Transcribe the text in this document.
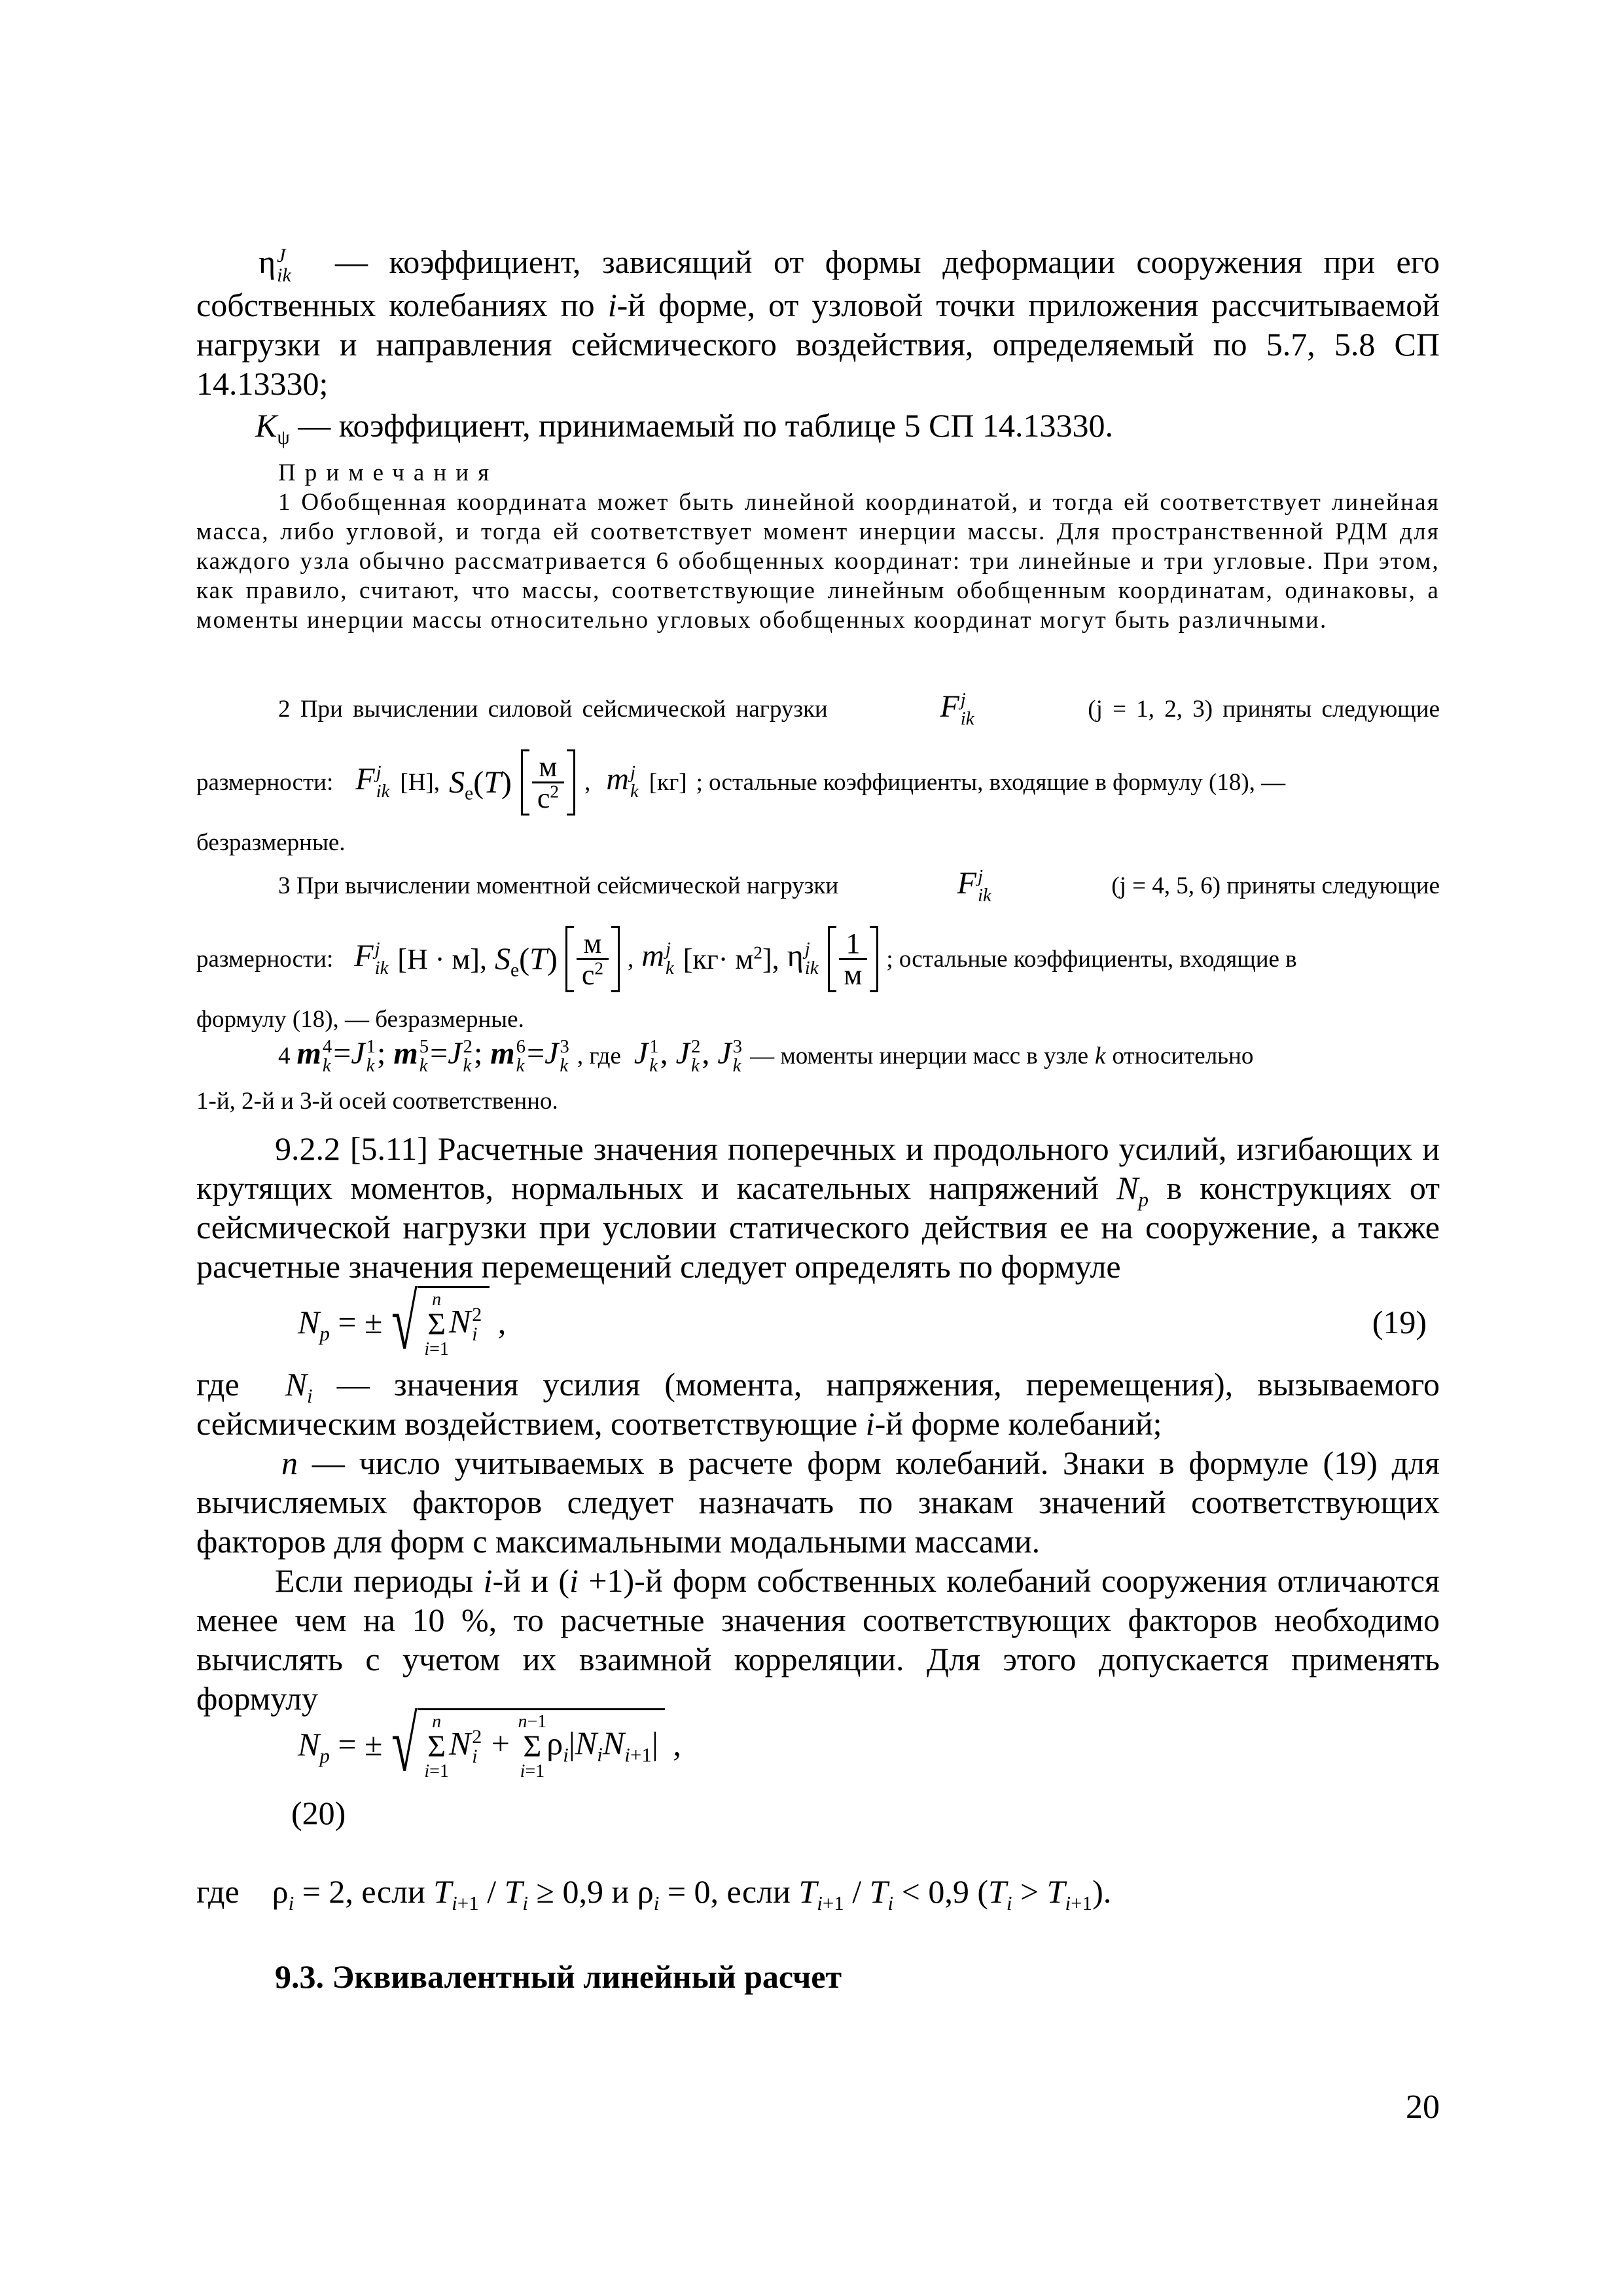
η J
ik — коэффициент, зависящий от формы деформации сооружения при его собственных колебаниях по i-й форме, от узловой точки приложения рассчитываемой нагрузки и направления сейсмического воздействия, определяемый по 5.7, 5.8 СП 14.13330;
$K_\psi$ — коэффициент, принимаемый по таблице 5 СП 14.13330.
Примечания
1 Обобщенная координата может быть линейной координатой, и тогда ей соответствует линейная масса, либо угловой, и тогда ей соответствует момент инерции массы. Для пространственной РДМ для каждого узла обычно рассматривается 6 обобщенных координат: три линейные и три угловые. При этом, как правило, считают, что массы, соответствующие линейным обобщенным координатам, одинаковы, а моменты инерции массы относительно угловых обобщенных координат могут быть различными.
2 При вычислении силовой сейсмической нагрузки	F j
ik	(j = 1, 2, 3) приняты следующие
размерности: F j
ik [Н], $S_e(T) \frac{м}{с^2}$ , m j
k [кг] ; остальные коэффициенты, входящие в формулу (18), —
безразмерные.
3 При вычислении моментной сейсмической нагрузки	F j
ik	(j = 4, 5, 6) приняты следующие
размерности: F j
ik [Н · м], $S_e(T) \frac{м}{с^2}$ , m j
k $[кг\cdot м^2]$, η j
ik $\frac{1}{м}$ ; остальные коэффициенты, входящие в
формулу (18), — безразмерные.
4 m 4
k =J 1
k ; m 5
k =J 2
k ; m 6
k =J 3
k , где J 1
k , J 2
k , J 3
k — моменты инерции масс в узле k относительно
1-й, 2-й и 3-й осей соответственно.
9.2.2 [5.11] Расчетные значения поперечных и продольного усилий, изгибающих и крутящих моментов, нормальных и касательных напряжений $N_p$ в конструкциях от сейсмической нагрузки при условии статического действия ее на сооружение, а также расчетные значения перемещений следует определять по формуле
$N_p$ = ± √ n
Σ
i=1
N 2
i ,	(19)
где $N_i$ — значения усилия (момента, напряжения, перемещения), вызываемого сейсмическим воздействием, соответствующие i-й форме колебаний;
n — число учитываемых в расчете форм колебаний. Знаки в формуле (19) для вычисляемых факторов следует назначать по знакам значений соответствующих факторов для форм с максимальными модальными массами.
Если периоды i-й и (i +1)-й форм собственных колебаний сооружения отличаются менее чем на 10 %, то расчетные значения соответствующих факторов необходимо вычислять с учетом их взаимной корреляции. Для этого допускается применять формулу
$N_p$ = ± √ n
Σ
i=1
N 2
i +
n−1
Σ
i=1
$\rho_i|N_iN_{i+1}|$ ,
(20)
где $\rho_i = 2$, если $T_{i+1} / T_i \ge 0,9$ и $\rho_i = 0$, если $T_{i+1} / T_i < 0,9$ $(T_i > T_{i+1})$.
9.3. Эквивалентный линейный расчет
20
